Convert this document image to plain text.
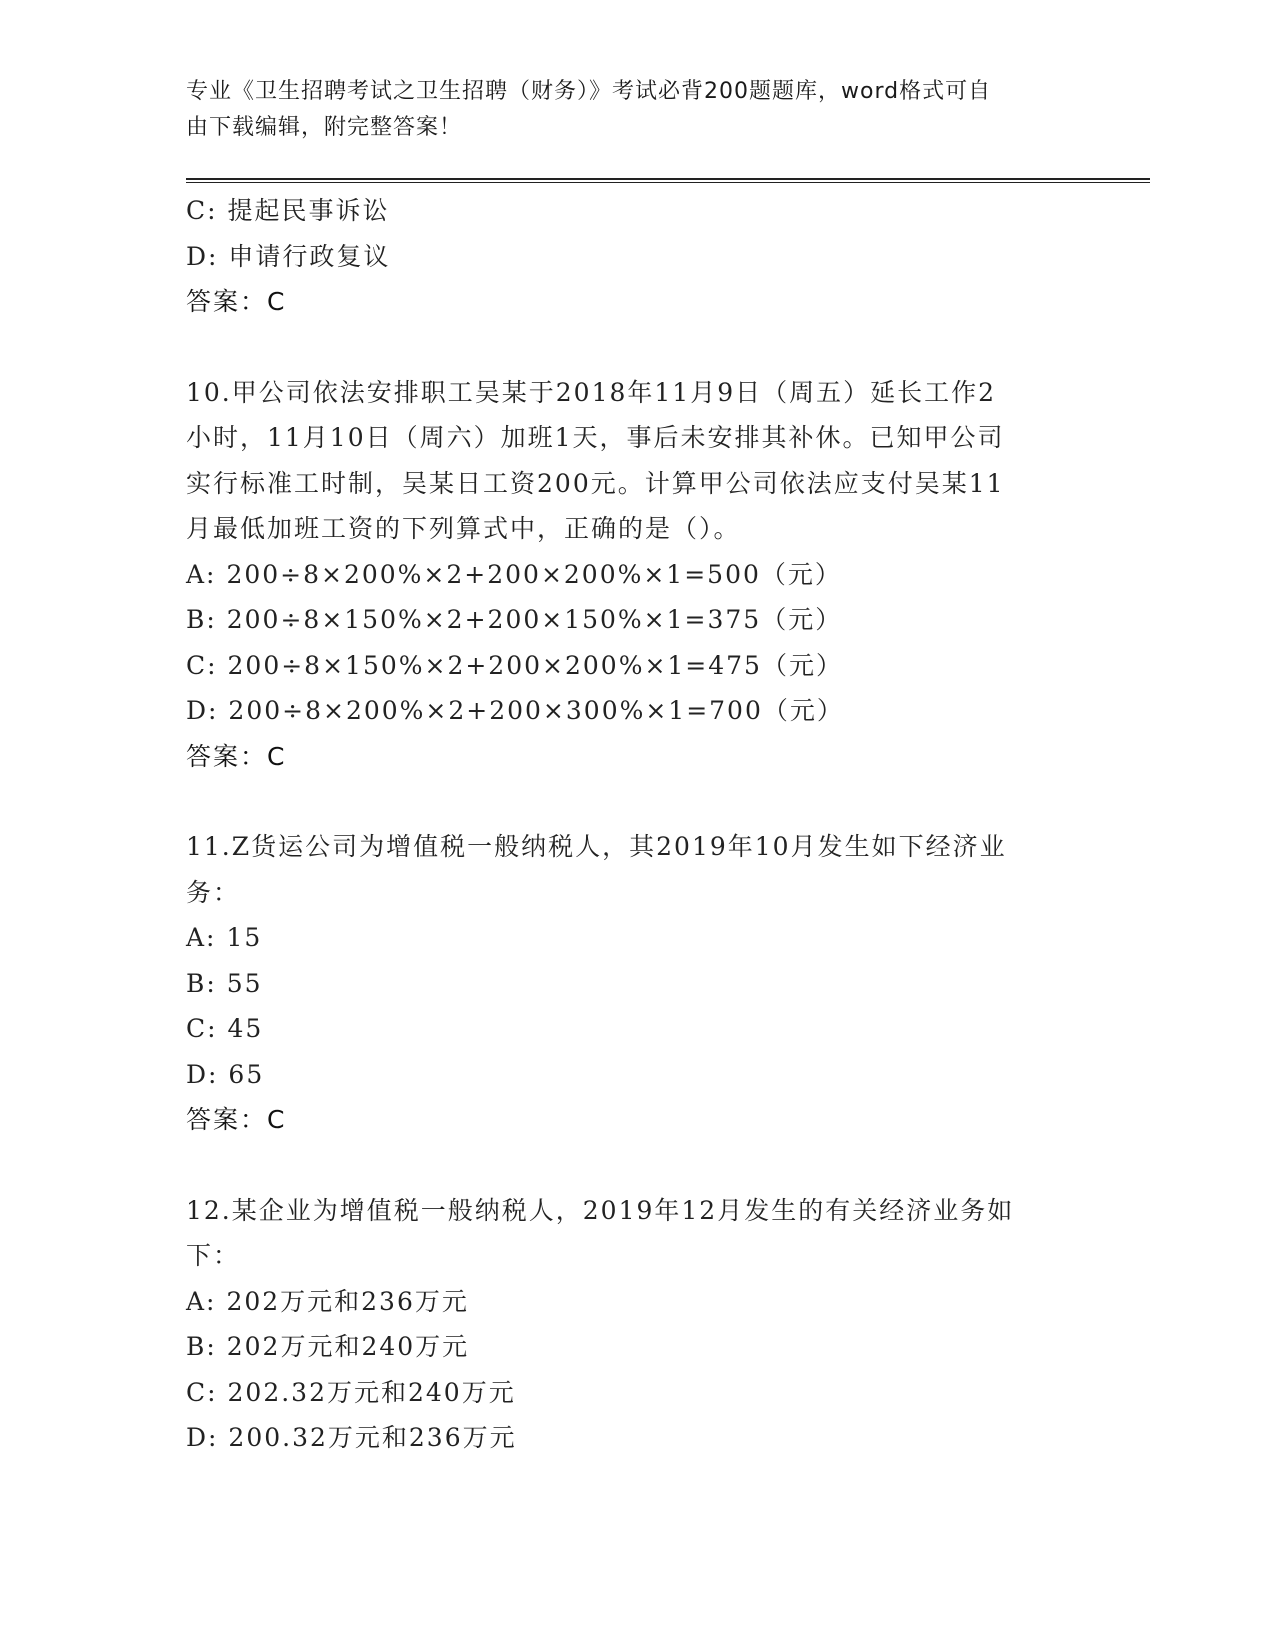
专业《卫生招聘考试之卫生招聘（财务）》考试必背200题题库，word格式可自
由下载编辑，附完整答案！
C: 提起民事诉讼
D: 申请行政复议
答案：C
10.甲公司依法安排职工吴某于2018年11月9日（周五）延长工作2
小时，11月10日（周六）加班1天，事后未安排其补休。已知甲公司
实行标准工时制，吴某日工资200元。计算甲公司依法应支付吴某11
月最低加班工资的下列算式中，正确的是（）。
A: 200÷8×200%×2+200×200%×1=500（元）
B: 200÷8×150%×2+200×150%×1=375（元）
C: 200÷8×150%×2+200×200%×1=475（元）
D: 200÷8×200%×2+200×300%×1=700（元）
答案：C
11.Z货运公司为增值税一般纳税人，其2019年10月发生如下经济业
务：
A: 15
B: 55
C: 45
D: 65
答案：C
12.某企业为增值税一般纳税人，2019年12月发生的有关经济业务如
下：
A: 202万元和236万元
B: 202万元和240万元
C: 202.32万元和240万元
D: 200.32万元和236万元
